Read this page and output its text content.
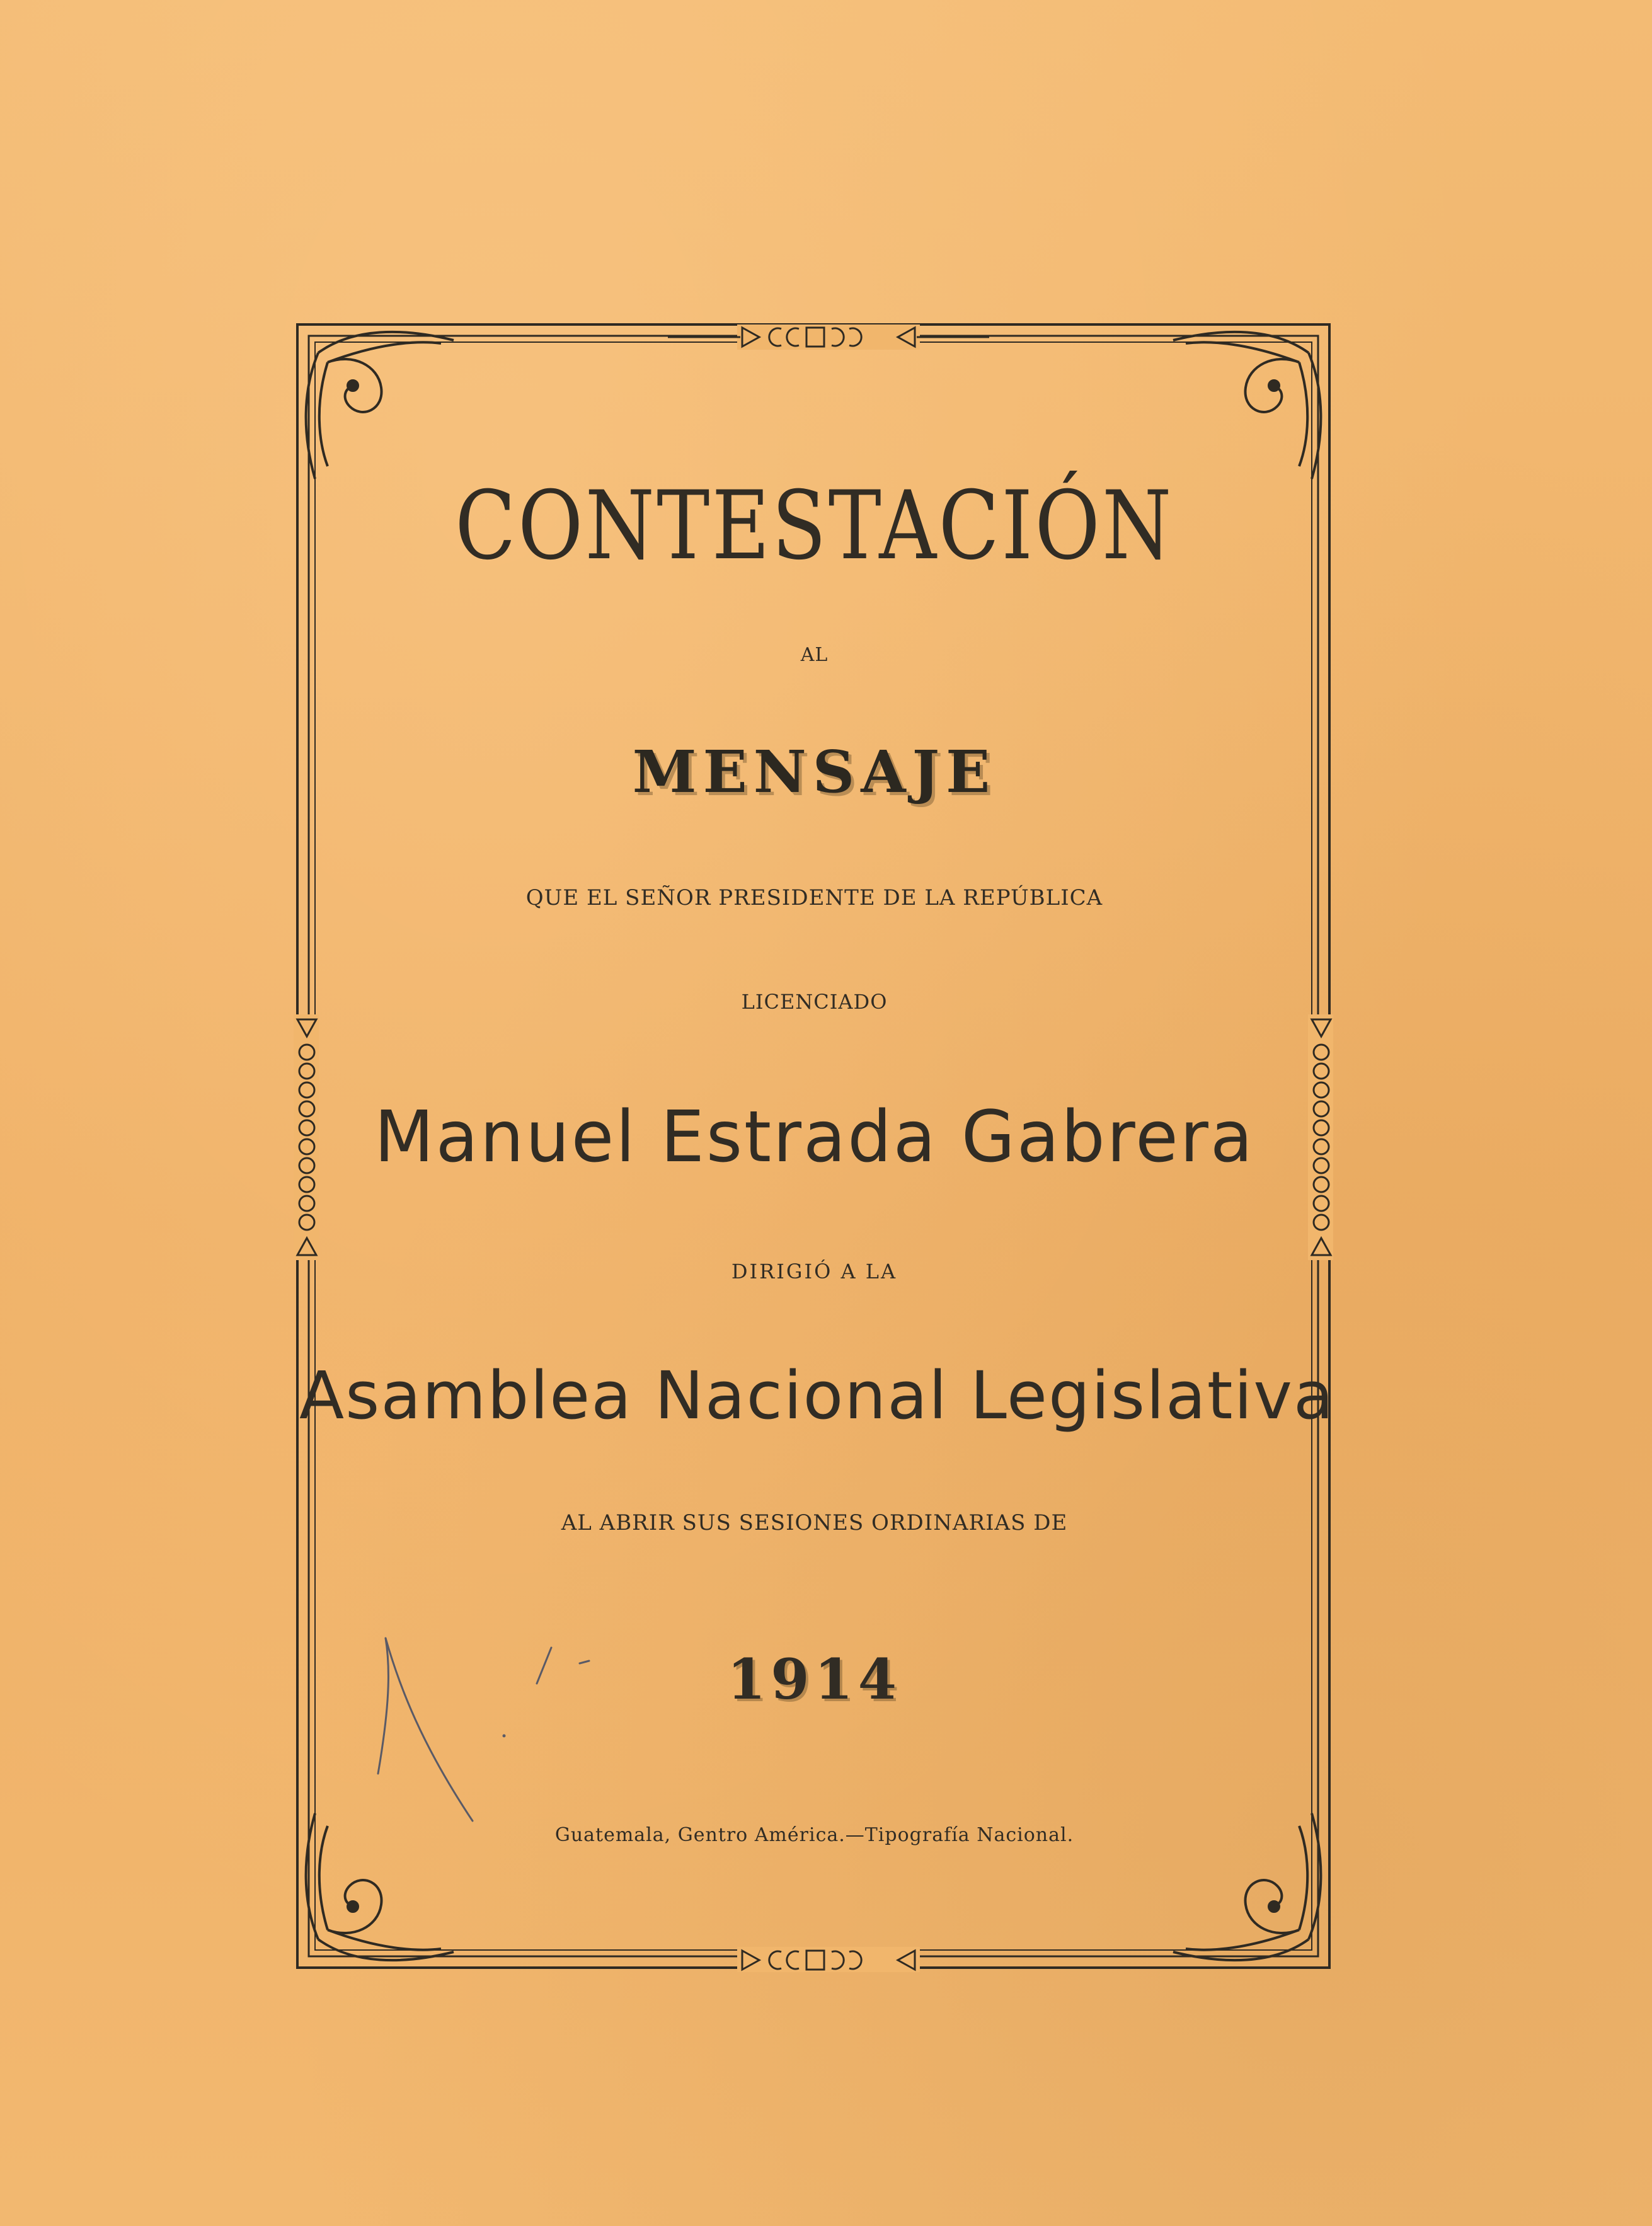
CONTESTACIÓN
AL
MENSAJE
QUE EL SEÑOR PRESIDENTE DE LA REPÚBLICA
LICENCIADO
Manuel Estrada Gabrera
DIRIGIÓ A LA
Asamblea Nacional Legislativa
AL ABRIR SUS SESIONES ORDINARIAS DE
1914
Guatemala, Gentro América.—Tipografía Nacional.
